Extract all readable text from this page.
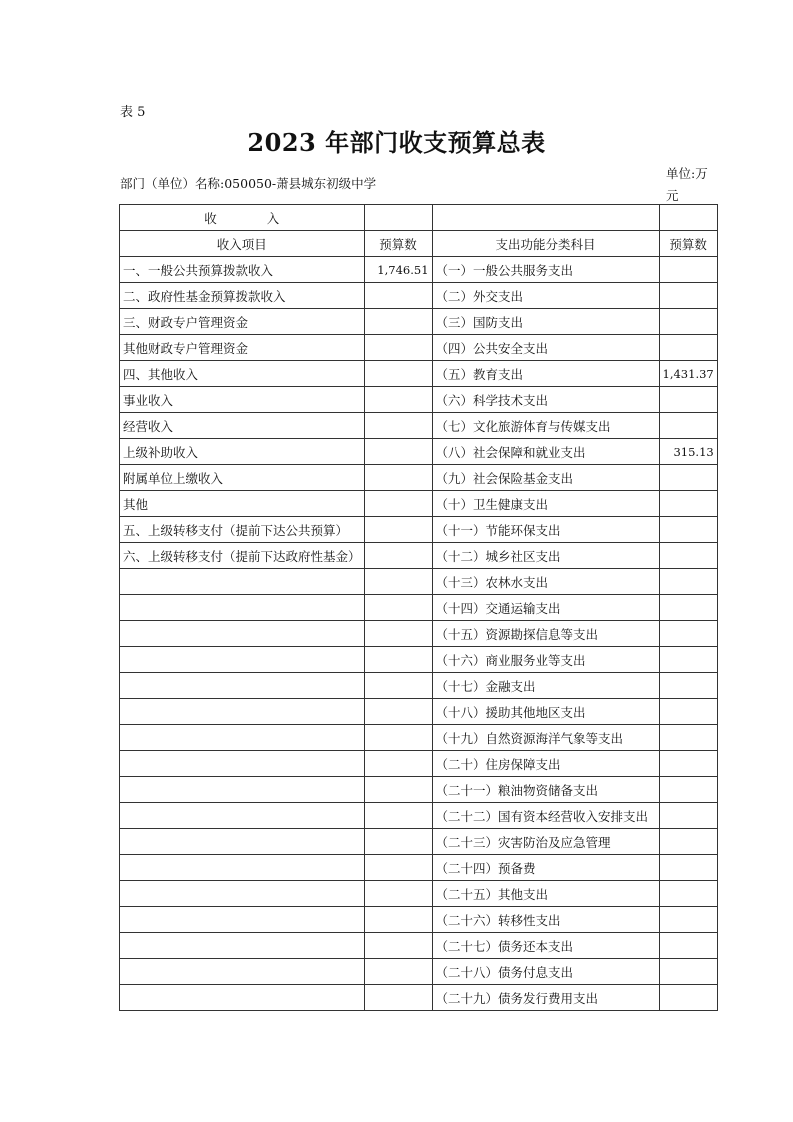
表 5
2023 年部门收支预算总表
部门（单位）名称:050050-萧县城东初级中学
单位:万元
收　　　　入			
收入项目	预算数	支出功能分类科目	预算数
一、一般公共预算拨款收入	1,746.51	（一）一般公共服务支出	
二、政府性基金预算拨款收入		（二）外交支出	
三、财政专户管理资金		（三）国防支出	
其他财政专户管理资金		（四）公共安全支出	
四、其他收入		（五）教育支出	1,431.37
事业收入		（六）科学技术支出	
经营收入		（七）文化旅游体育与传媒支出	
上级补助收入		（八）社会保障和就业支出	315.13
附属单位上缴收入		（九）社会保险基金支出	
其他		（十）卫生健康支出	
五、上级转移支付（提前下达公共预算）		（十一）节能环保支出	
六、上级转移支付（提前下达政府性基金）		（十二）城乡社区支出	
		（十三）农林水支出	
		（十四）交通运输支出	
		（十五）资源勘探信息等支出	
		（十六）商业服务业等支出	
		（十七）金融支出	
		（十八）援助其他地区支出	
		（十九）自然资源海洋气象等支出	
		（二十）住房保障支出	
		（二十一）粮油物资储备支出	
		（二十二）国有资本经营收入安排支出	
		（二十三）灾害防治及应急管理	
		（二十四）预备费	
		（二十五）其他支出	
		（二十六）转移性支出	
		（二十七）债务还本支出	
		（二十八）债务付息支出	
		（二十九）债务发行费用支出	
